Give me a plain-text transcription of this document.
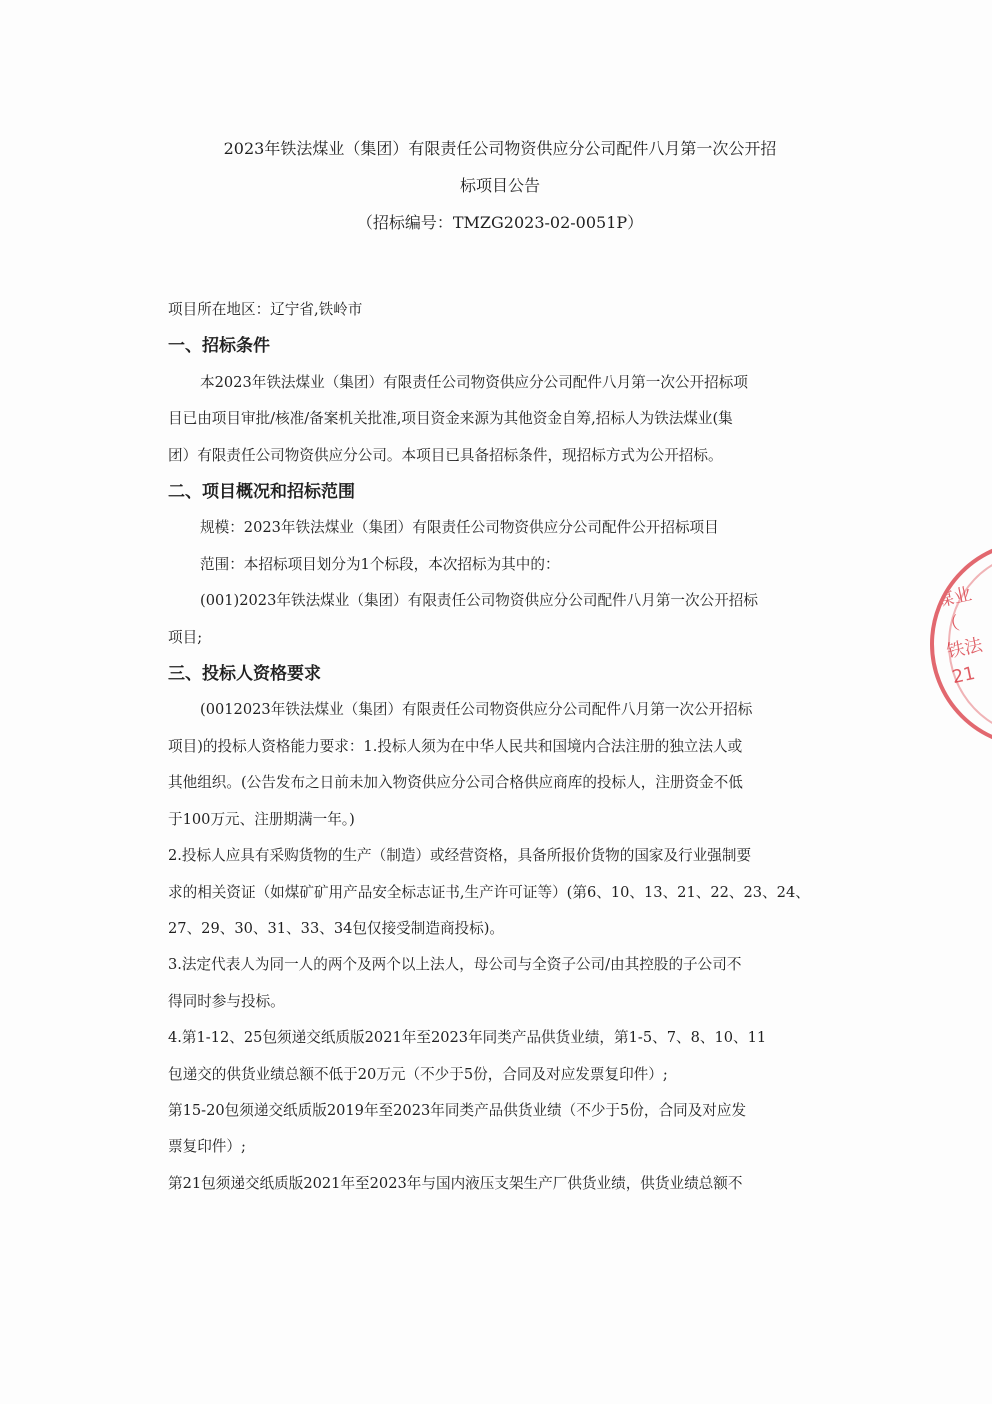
2023年铁法煤业（集团）有限责任公司物资供应分公司配件八月第一次公开招
标项目公告
（招标编号：TMZG2023-02-0051P）
项目所在地区：辽宁省,铁岭市
一、招标条件
本2023年铁法煤业（集团）有限责任公司物资供应分公司配件八月第一次公开招标项
目已由项目审批/核准/备案机关批准,项目资金来源为其他资金自筹,招标人为铁法煤业(集
团）有限责任公司物资供应分公司。本项目已具备招标条件，现招标方式为公开招标。
二、项目概况和招标范围
规模：2023年铁法煤业（集团）有限责任公司物资供应分公司配件公开招标项目
范围：本招标项目划分为1个标段，本次招标为其中的：
(001)2023年铁法煤业（集团）有限责任公司物资供应分公司配件八月第一次公开招标
项目;
三、投标人资格要求
(0012023年铁法煤业（集团）有限责任公司物资供应分公司配件八月第一次公开招标
项目)的投标人资格能力要求：1.投标人须为在中华人民共和国境内合法注册的独立法人或
其他组织。(公告发布之日前未加入物资供应分公司合格供应商库的投标人，注册资金不低
于100万元、注册期满一年。)
2.投标人应具有采购货物的生产（制造）或经营资格，具备所报价货物的国家及行业强制要
求的相关资证（如煤矿矿用产品安全标志证书,生产许可证等）(第6、10、13、21、22、23、24、
27、29、30、31、33、34包仅接受制造商投标)。
3.法定代表人为同一人的两个及两个以上法人，母公司与全资子公司/由其控股的子公司不
得同时参与投标。
4.第1-12、25包须递交纸质版2021年至2023年同类产品供货业绩，第1-5、7、8、10、11
包递交的供货业绩总额不低于20万元（不少于5份，合同及对应发票复印件）;
第15-20包须递交纸质版2019年至2023年同类产品供货业绩（不少于5份，合同及对应发
票复印件）;
第21包须递交纸质版2021年至2023年与国内液压支架生产厂供货业绩，供货业绩总额不
煤业（
铁法
21
